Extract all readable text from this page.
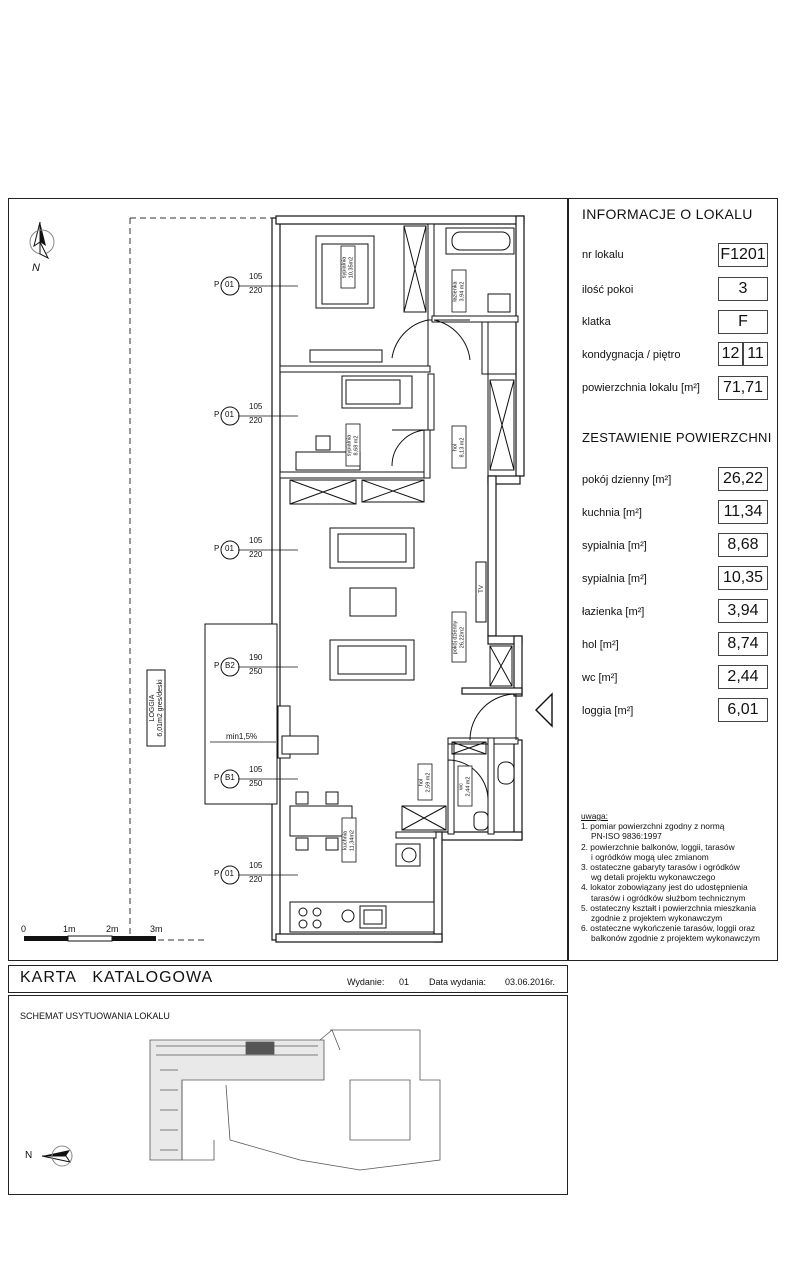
N
0	1m	2m	3m
P 01
105
220
P 01
105
220
P 01
105
220
P B2
190
250
P B1
105
250
P 01
105
220
min1,5%
LOGGIA 6,01m2 gres/deski
sypialnia 10,35m2
łazienka 3,94 m2
sypialnia 8,68 m2	hol 8,13 m2
pokój dzienny 26,22m2
hol 2,59 m2	wc 2,44 m2
kuchnia 11,34m2
TV
INFORMACJE O LOKALU
nr lokalu	F1201
ilość pokoi	3
klatka	F
kondygnacja / piętro	12 11
powierzchnia lokalu [m²]	71,71
ZESTAWIENIE POWIERZCHNI
pokój dzienny [m²]	26,22
kuchnia [m²]	11,34
sypialnia [m²]	8,68
sypialnia [m²]	10,35
łazienka [m²]	3,94
hol [m²]	8,74
wc [m²]	2,44
loggia [m²]	6,01
uwaga:
1. pomiar powierzchni zgodny z normą
PN-ISO 9836:1997
2. powierzchnie balkonów, loggii, tarasów
i ogródków mogą ulec zmianom
3. ostateczne gabaryty tarasów i ogródków
wg detali projektu wykonawczego
4. lokator zobowiązany jest do udostępnienia
tarasów i ogródków służbom technicznym
5. ostateczny kształt i powierzchnia mieszkania
zgodnie z projektem wykonawczym
6. ostateczne wykończenie tarasów, loggii oraz
balkonów zgodnie z projektem wykonawczym
KARTA   KATALOGOWA	Wydanie: 01 Data wydania: 03.06.2016r.
SCHEMAT USYTUOWANIA LOKALU
N
